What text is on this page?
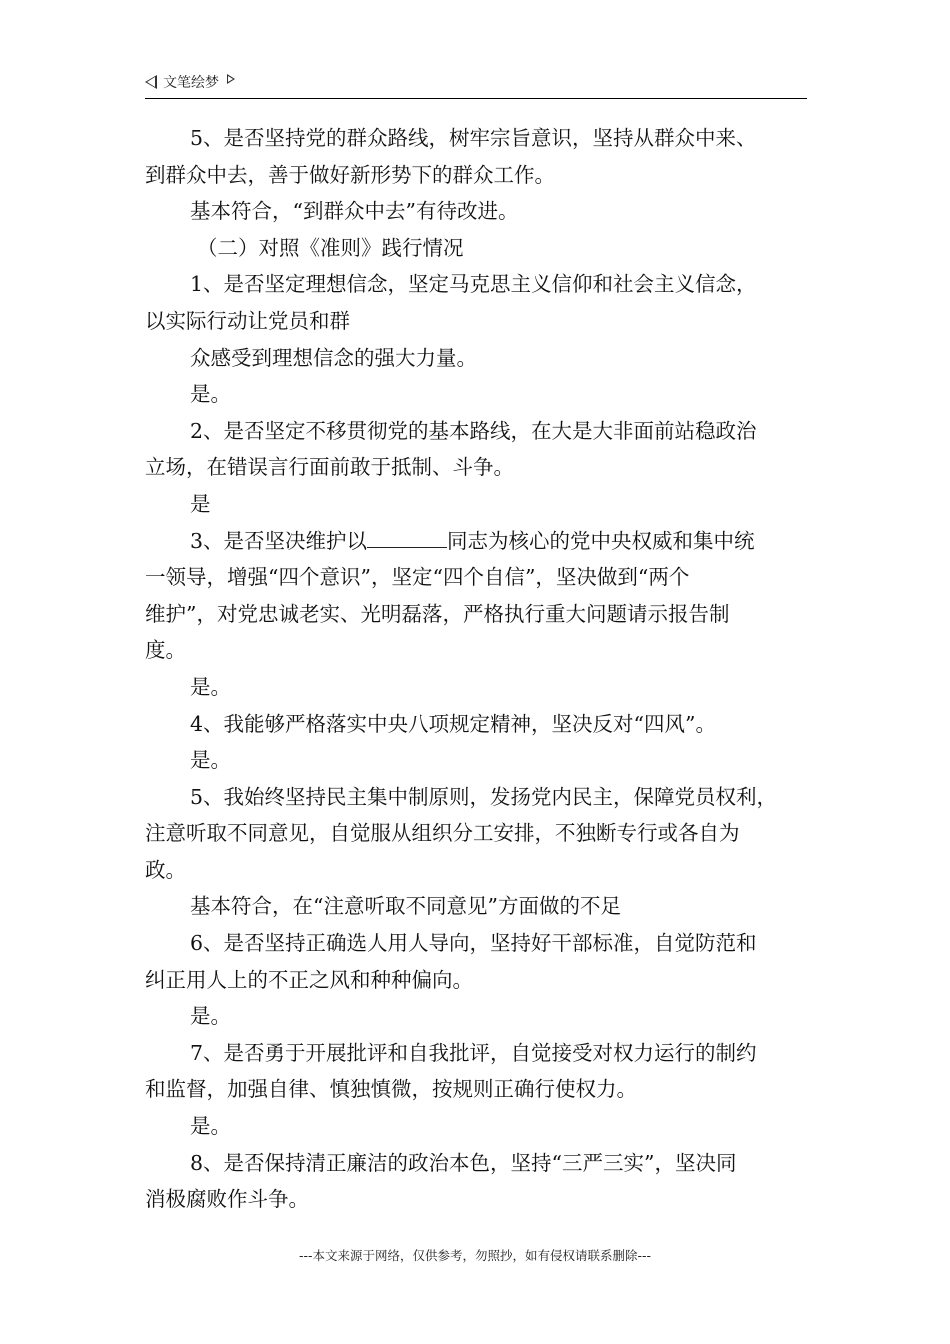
文笔绘梦
5、是否坚持党的群众路线，树牢宗旨意识，坚持从群众中来、
到群众中去，善于做好新形势下的群众工作。
基本符合，“到群众中去”有待改进。
（二）对照《准则》践行情况
1、是否坚定理想信念，坚定马克思主义信仰和社会主义信念，
以实际行动让党员和群
众感受到理想信念的强大力量。
是。
2、是否坚定不移贯彻党的基本路线，在大是大非面前站稳政治
立场，在错误言行面前敢于抵制、斗争。
是
3、是否坚决维护以	同志为核心的党中央权威和集中统
一领导，增强“四个意识”，坚定“四个自信”，坚决做到“两个
维护”，对党忠诚老实、光明磊落，严格执行重大问题请示报告制
度。
是。
4、我能够严格落实中央八项规定精神，坚决反对“四风”。
是。
5、我始终坚持民主集中制原则，发扬党内民主，保障党员权利，
注意听取不同意见，自觉服从组织分工安排，不独断专行或各自为
政。
基本符合，在“注意听取不同意见”方面做的不足
6、是否坚持正确选人用人导向，坚持好干部标准，自觉防范和
纠正用人上的不正之风和种种偏向。
是。
7、是否勇于开展批评和自我批评，自觉接受对权力运行的制约
和监督，加强自律、慎独慎微，按规则正确行使权力。
是。
8、是否保持清正廉洁的政治本色，坚持“三严三实”，坚决同
消极腐败作斗争。
---本文来源于网络，仅供参考，勿照抄，如有侵权请联系删除---
